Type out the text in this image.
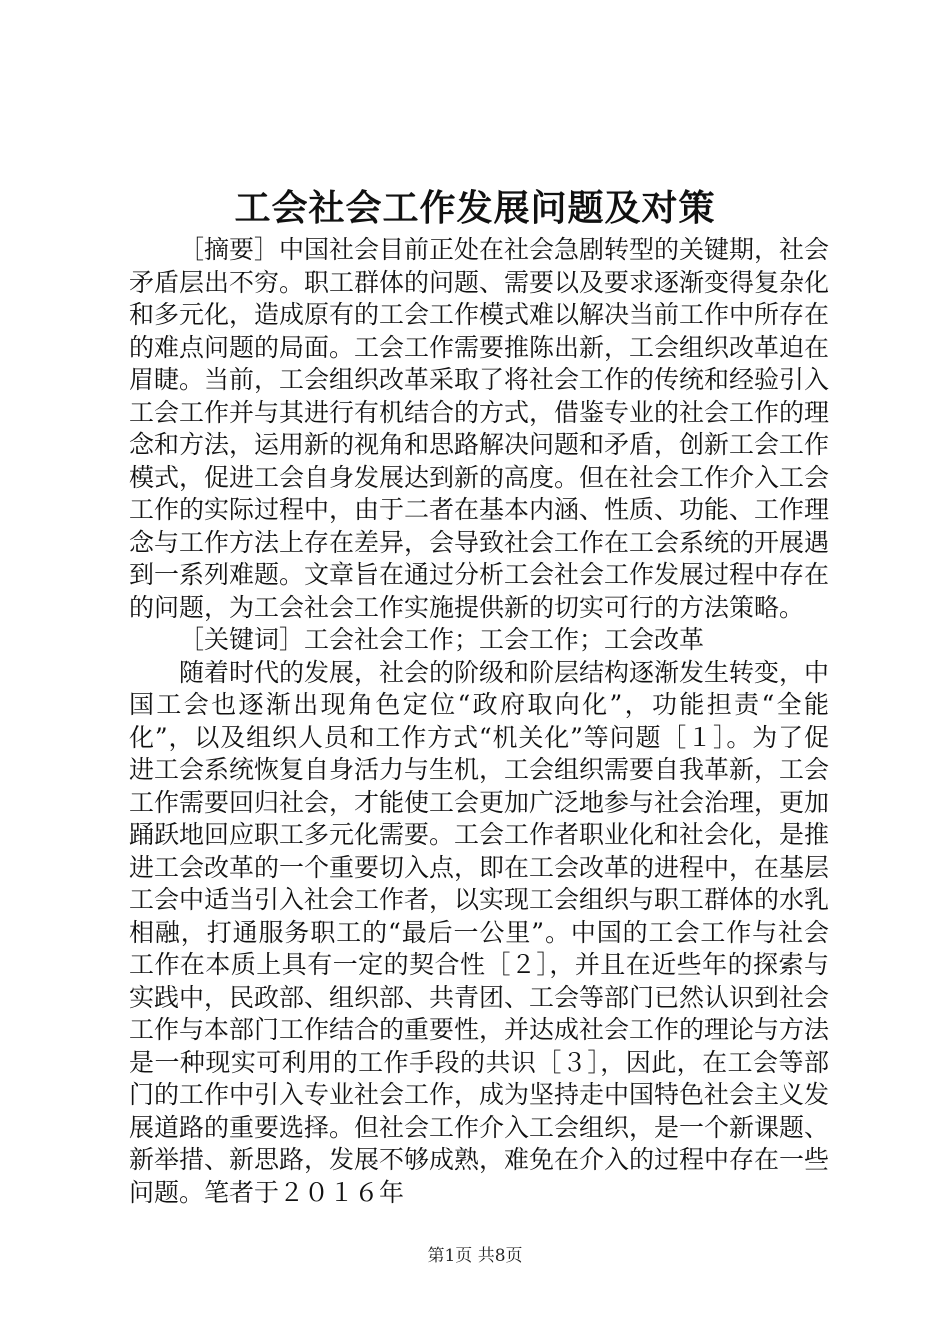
工会社会工作发展问题及对策

［摘要］中国社会目前正处在社会急剧转型的关键期，社会矛盾层出不穷。职工群体的问题、需要以及要求逐渐变得复杂化和多元化，造成原有的工会工作模式难以解决当前工作中所存在的难点问题的局面。工会工作需要推陈出新，工会组织改革迫在眉睫。当前，工会组织改革采取了将社会工作的传统和经验引入工会工作并与其进行有机结合的方式，借鉴专业的社会工作的理念和方法，运用新的视角和思路解决问题和矛盾，创新工会工作模式，促进工会自身发展达到新的高度。但在社会工作介入工会工作的实际过程中，由于二者在基本内涵、性质、功能、工作理念与工作方法上存在差异，会导致社会工作在工会系统的开展遇到一系列难题。文章旨在通过分析工会社会工作发展过程中存在的问题，为工会社会工作实施提供新的切实可行的方法策略。

［关键词］工会社会工作；工会工作；工会改革

随着时代的发展，社会的阶级和阶层结构逐渐发生转变，中国工会也逐渐出现角色定位“政府取向化”，功能担责“全能化”，以及组织人员和工作方式“机关化”等问题［１］。为了促进工会系统恢复自身活力与生机，工会组织需要自我革新，工会工作需要回归社会，才能使工会更加广泛地参与社会治理，更加踊跃地回应职工多元化需要。工会工作者职业化和社会化，是推进工会改革的一个重要切入点，即在工会改革的进程中，在基层工会中适当引入社会工作者，以实现工会组织与职工群体的水乳相融，打通服务职工的“最后一公里”。中国的工会工作与社会工作在本质上具有一定的契合性［２］，并且在近些年的探索与实践中，民政部、组织部、共青团、工会等部门已然认识到社会工作与本部门工作结合的重要性，并达成社会工作的理论与方法是一种现实可利用的工作手段的共识［３］，因此，在工会等部门的工作中引入专业社会工作，成为坚持走中国特色社会主义发展道路的重要选择。但社会工作介入工会组织，是一个新课题、新举措、新思路，发展不够成熟，难免在介入的过程中存在一些问题。笔者于２０１６年

第1页 共8页
